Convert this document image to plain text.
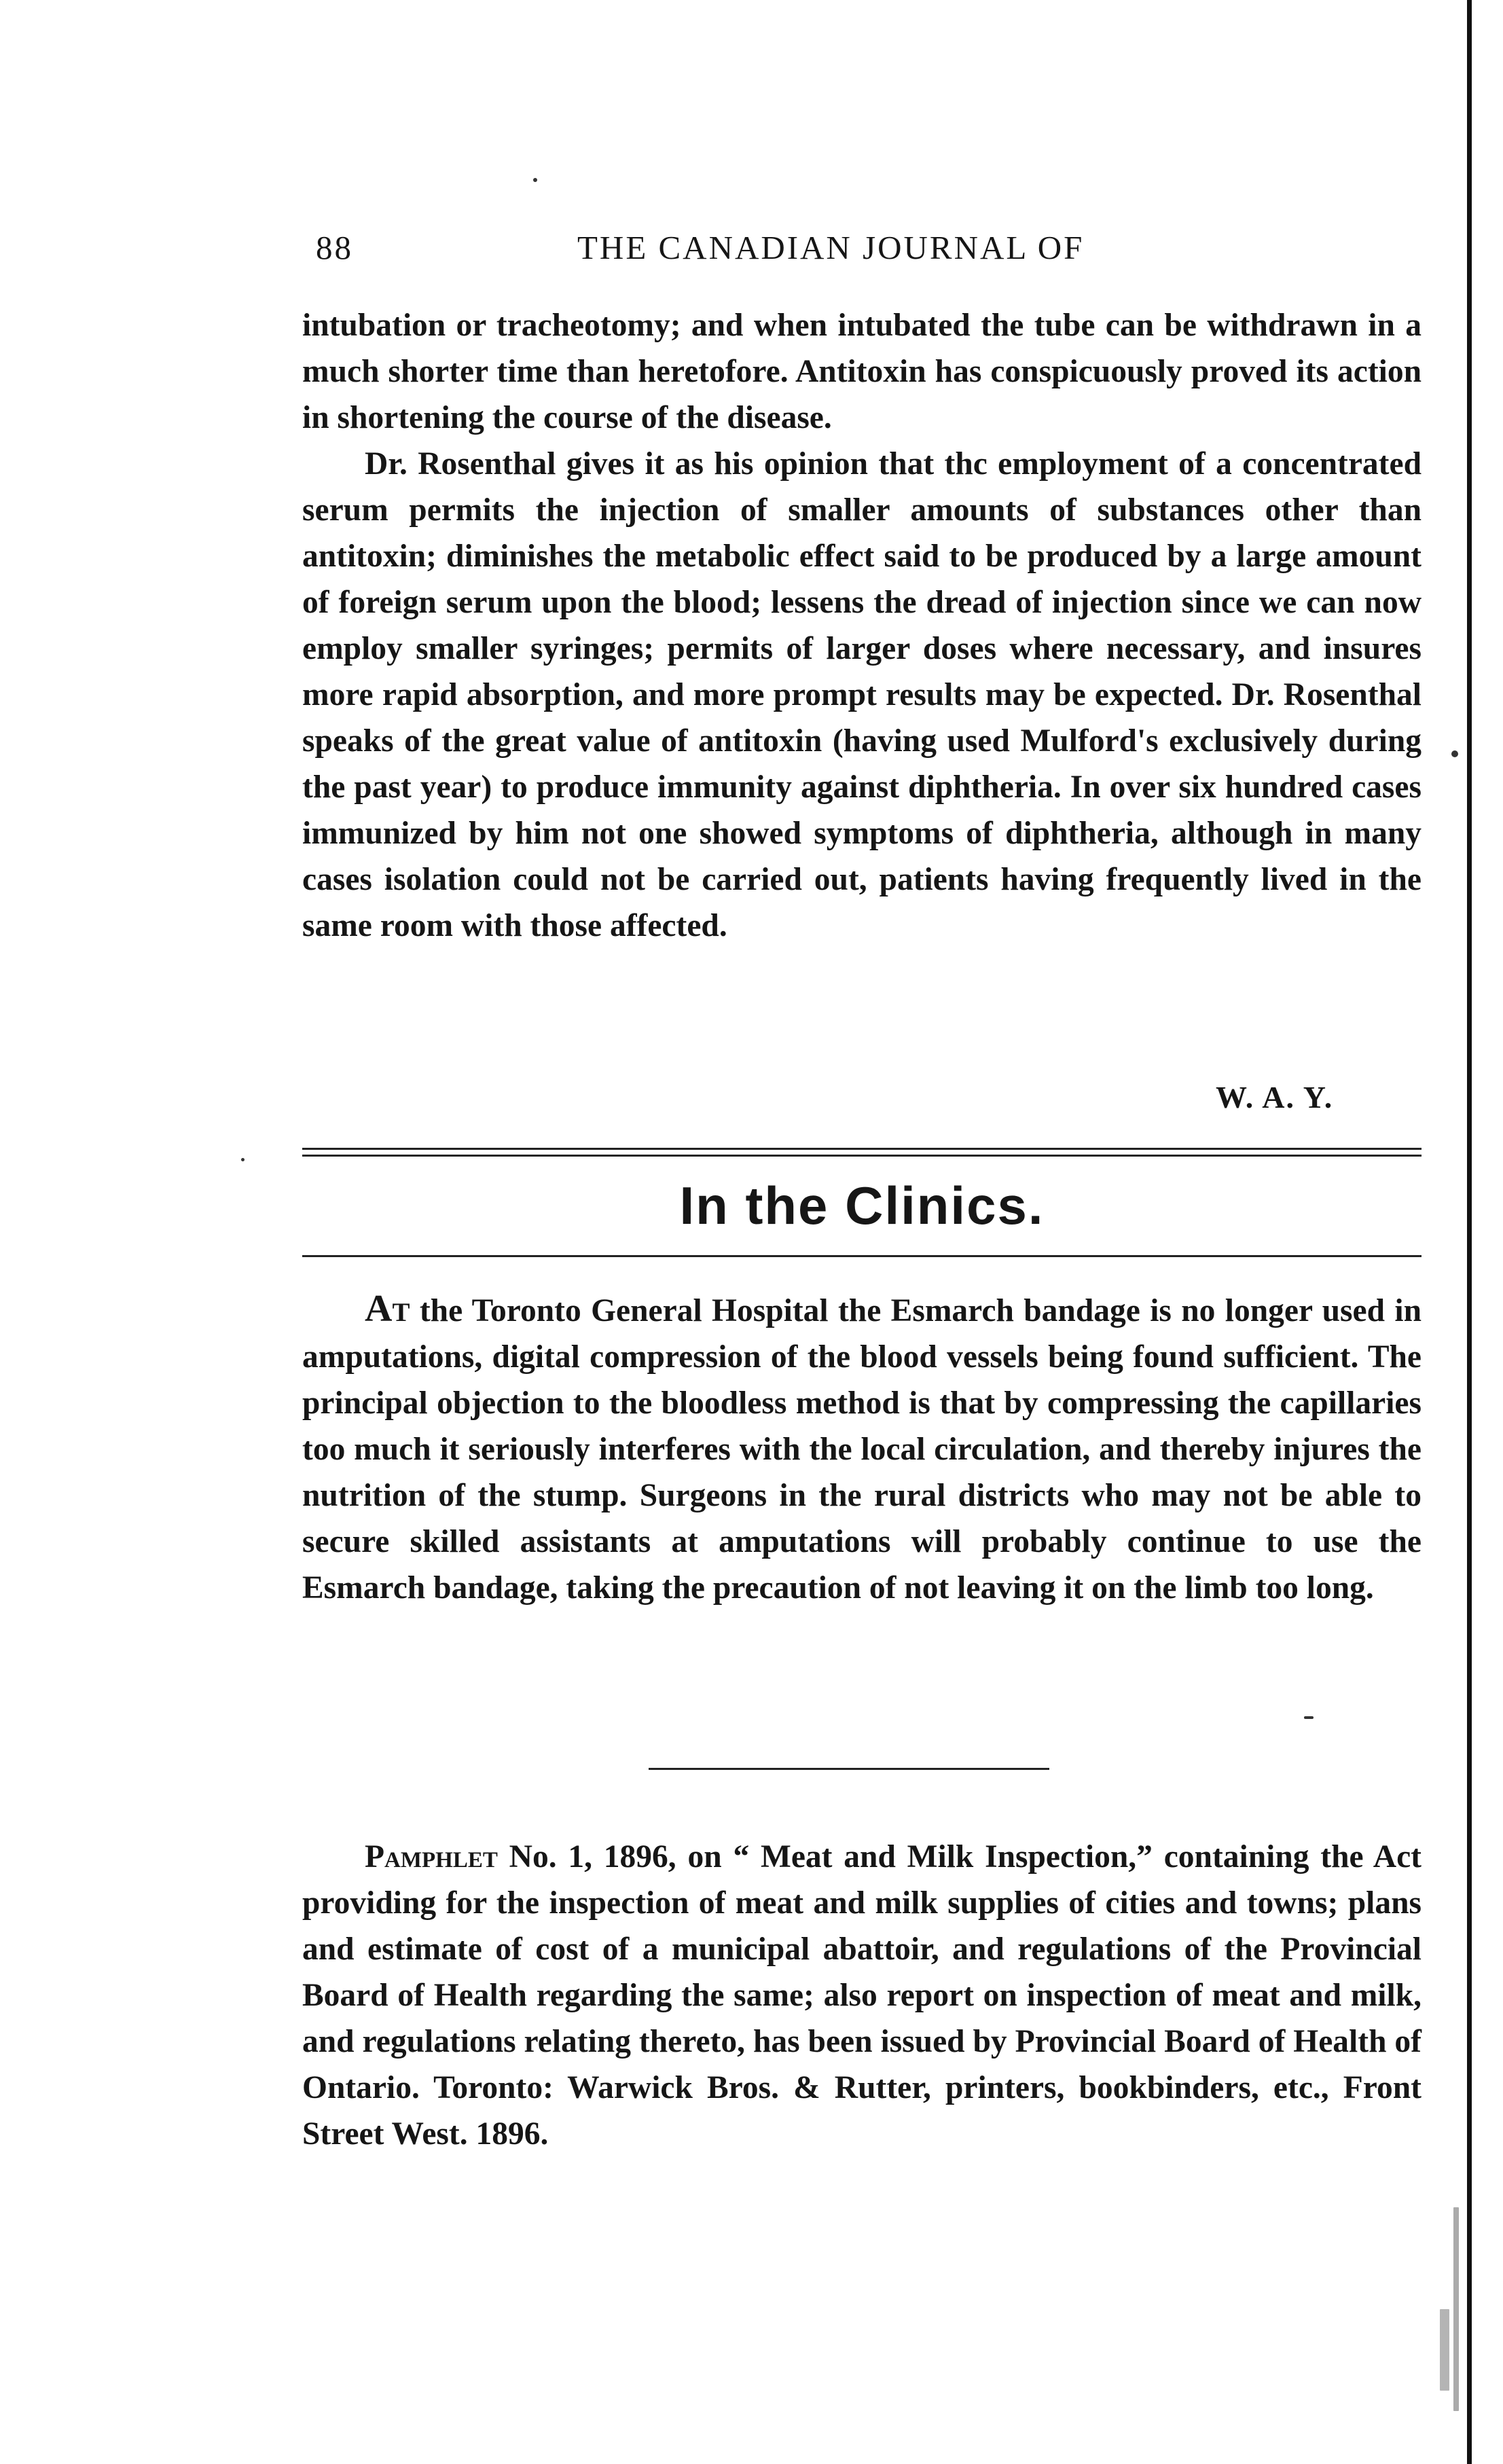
88	THE CANADIAN JOURNAL OF

intubation or tracheotomy; and when intubated the tube can be withdrawn in a much shorter time than heretofore. Antitoxin has conspicuously proved its action in shortening the course of the disease.

Dr. Rosenthal gives it as his opinion that thc employment of a concentrated serum permits the injection of smaller amounts of substances other than antitoxin; diminishes the metabolic effect said to be produced by a large amount of foreign serum upon the blood; lessens the dread of injection since we can now employ smaller syringes; permits of larger doses where necessary, and insures more rapid absorption, and more prompt results may be expected. Dr. Rosenthal speaks of the great value of antitoxin (having used Mulford's exclusively during the past year) to produce immunity against diphtheria. In over six hundred cases immunized by him not one showed symptoms of diphtheria, although in many cases isolation could not be carried out, patients having frequently lived in the same room with those affected.

W. A. Y.
In the Clinics.

At the Toronto General Hospital the Esmarch bandage is no longer used in amputations, digital compression of the blood vessels being found sufficient. The principal objection to the bloodless method is that by compressing the capillaries too much it seriously interferes with the local circulation, and thereby injures the nutrition of the stump. Surgeons in the rural districts who may not be able to secure skilled assistants at amputations will probably continue to use the Esmarch bandage, taking the precaution of not leaving it on the limb too long.

Pamphlet No. 1, 1896, on “ Meat and Milk Inspection,” containing the Act providing for the inspection of meat and milk supplies of cities and towns; plans and estimate of cost of a municipal abattoir, and regulations of the Provincial Board of Health regarding the same; also report on inspection of meat and milk, and regulations relating thereto, has been issued by Provincial Board of Health of Ontario. Toronto: Warwick Bros. & Rutter, printers, bookbinders, etc., Front Street West. 1896.
